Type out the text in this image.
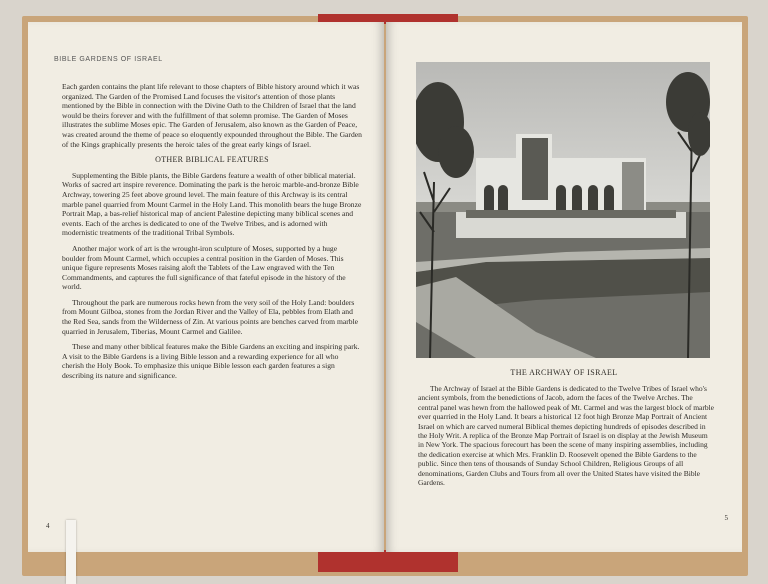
BIBLE GARDENS OF ISRAEL

Each garden contains the plant life relevant to those chapters of Bible history around which it was organized. The Garden of the Promised Land focuses the visitor's attention of those plants mentioned by the Bible in connection with the Divine Oath to the Children of Israel that the land would be theirs forever and with the fulfillment of that solemn promise. The Garden of Moses illustrates the sublime Moses epic. The Garden of Jerusalem, also known as the Garden of Peace, was created around the theme of peace so eloquently expounded throughout the Bible. The Garden of the Kings graphically presents the heroic tales of the great early kings of Israel.

OTHER BIBLICAL FEATURES

Supplementing the Bible plants, the Bible Gardens feature a wealth of other biblical material. Works of sacred art inspire reverence. Dominating the park is the heroic marble-and-bronze Bible Archway, towering 25 feet above ground level. The main feature of this Archway is its central marble panel quarried from Mount Carmel in the Holy Land. This monolith bears the huge Bronze Portrait Map, a bas-relief historical map of ancient Palestine depicting many biblical scenes and events. Each of the arches is dedicated to one of the Twelve Tribes, and is adorned with modernistic treatments of the traditional Tribal Symbols.

Another major work of art is the wrought-iron sculpture of Moses, supported by a huge boulder from Mount Carmel, which occupies a central position in the Garden of Moses. This unique figure represents Moses raising aloft the Tablets of the Law engraved with the Ten Commandments, and captures the full significance of that fateful episode in the history of the world.

Throughout the park are numerous rocks hewn from the very soil of the Holy Land: boulders from Mount Gilboa, stones from the Jordan River and the Valley of Ela, pebbles from Elath and the Red Sea, sands from the Wilderness of Zin. At various points are benches carved from marble quarried in Jerusalem, Tiberias, Mount Carmel and Galilee.

These and many other biblical features make the Bible Gardens an exciting and inspiring park. A visit to the Bible Gardens is a living Bible lesson and a rewarding experience for all who cherish the Holy Book. To emphasize this unique Bible lesson each garden features a sign describing its nature and significance.

4
THE ARCHWAY OF ISRAEL
The Archway of Israel at the Bible Gardens is dedicated to the Twelve Tribes of Israel who's ancient symbols, from the benedictions of Jacob, adorn the faces of the Twelve Arches. The central panel was hewn from the hallowed peak of Mt. Carmel and was the largest block of marble ever quarried in the Holy Land. It bears a historical 12 foot high Bronze Map Portrait of Ancient Israel on which are carved numeral Biblical themes depicting hundreds of episodes described in the Holy Writ. A replica of the Bronze Map Portrait of Israel is on display at the Jewish Museum in New York. The spacious forecourt has been the scene of many inspiring assemblies, including the dedication exercise at which Mrs. Franklin D. Roosevelt opened the Bible Gardens to the public. Since then tens of thousands of Sunday School Children, Religious Groups of all denominations, Garden Clubs and Tours from all over the United States have visited the Bible Gardens.
5
